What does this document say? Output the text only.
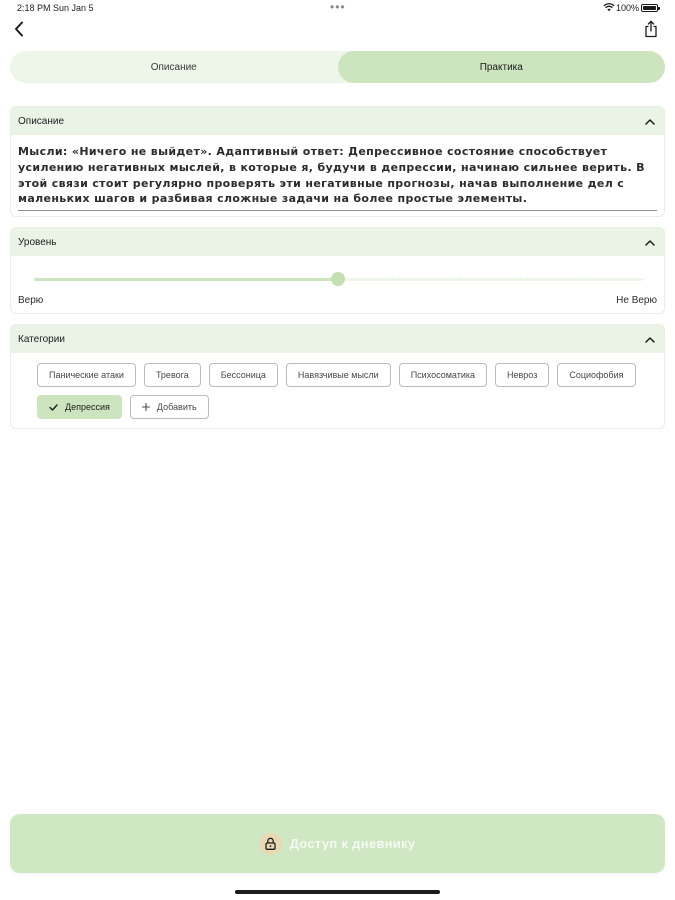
2:18 PM Sun Jan 5	•••	100%
Описание	Практика
Описание
Мысли: «Ничего не выйдет». Адаптивный ответ: Депрессивное состояние способствует усилению негативных мыслей, в которые я, будучи в депрессии, начинаю сильнее верить. В этой связи стоит регулярно проверять эти негативные прогнозы, начав выполнение дел с маленьких шагов и разбивая сложные задачи на более простые элементы.
Уровень
Верю	Не Верю
Категории
Панические атаки	Тревога	Бессоница	Навязчивые мысли	Психосоматика	Невроз	Социофобия
Депрессия	Добавить
Доступ к дневнику
